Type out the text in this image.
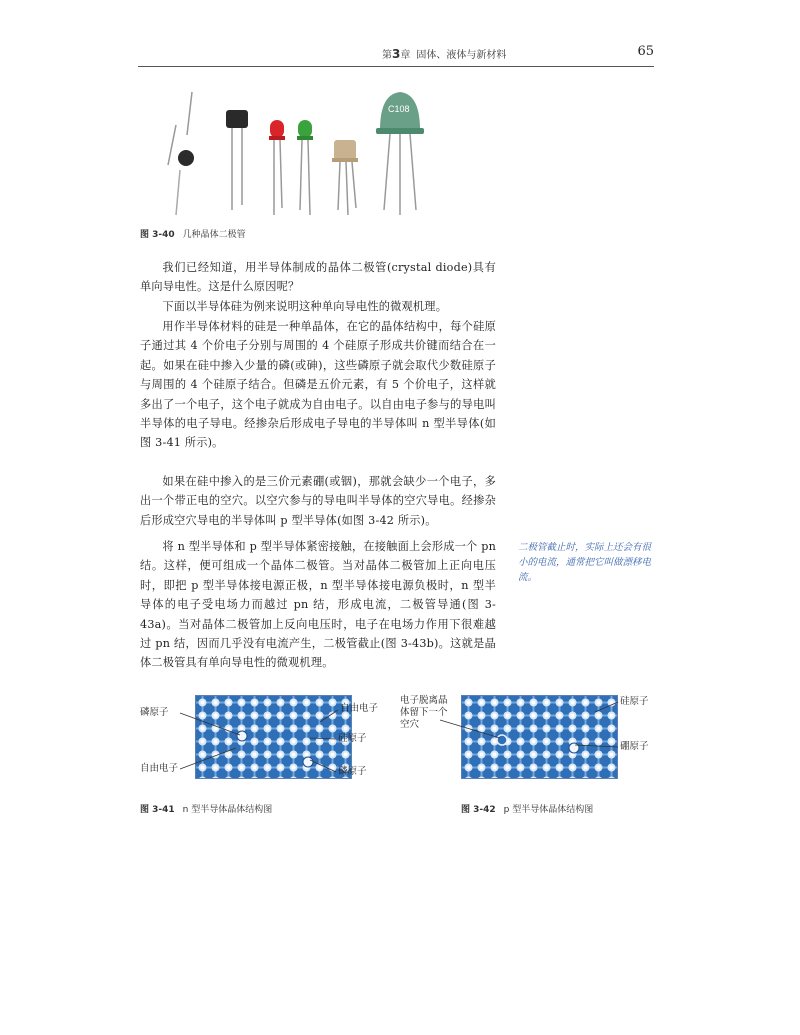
第3章 固体、液体与新材料	65
C108
图 3-40 几种晶体二极管

我们已经知道，用半导体制成的晶体二极管(crystal diode)具有单向导电性。这是什么原因呢？

下面以半导体硅为例来说明这种单向导电性的微观机理。

用作半导体材料的硅是一种单晶体，在它的晶体结构中，每个硅原子通过其 4 个价电子分别与周围的 4 个硅原子形成共价键而结合在一起。如果在硅中掺入少量的磷(或砷)，这些磷原子就会取代少数硅原子与周围的 4 个硅原子结合。但磷是五价元素，有 5 个价电子，这样就多出了一个电子，这个电子就成为自由电子。以自由电子参与的导电叫半导体的电子导电。经掺杂后形成电子导电的半导体叫 n 型半导体(如图 3-41 所示)。

如果在硅中掺入的是三价元素硼(或铟)，那就会缺少一个电子，多出一个带正电的空穴。以空穴参与的导电叫半导体的空穴导电。经掺杂后形成空穴导电的半导体叫 p 型半导体(如图 3-42 所示)。

将 n 型半导体和 p 型半导体紧密接触，在接触面上会形成一个 pn 结。这样，便可组成一个晶体二极管。当对晶体二极管加上正向电压时，即把 p 型半导体接电源正极，n 型半导体接电源负极时，n 型半导体的电子受电场力而越过 pn 结，形成电流，二极管导通(图 3-43a)。当对晶体二极管加上反向电压时，电子在电场力作用下很难越过 pn 结，因而几乎没有电流产生，二极管截止(图 3-43b)。这就是晶体二极管具有单向导电性的微观机理。

二极管截止时，实际上还会有很小的电流，通常把它叫做漂移电流。

磷原子
自由电子
自由电子
硅原子
磷原子
电子脱离晶体留下一个空穴
硅原子
硼原子
图 3-41 n 型半导体晶体结构图	图 3-42 p 型半导体晶体结构图
